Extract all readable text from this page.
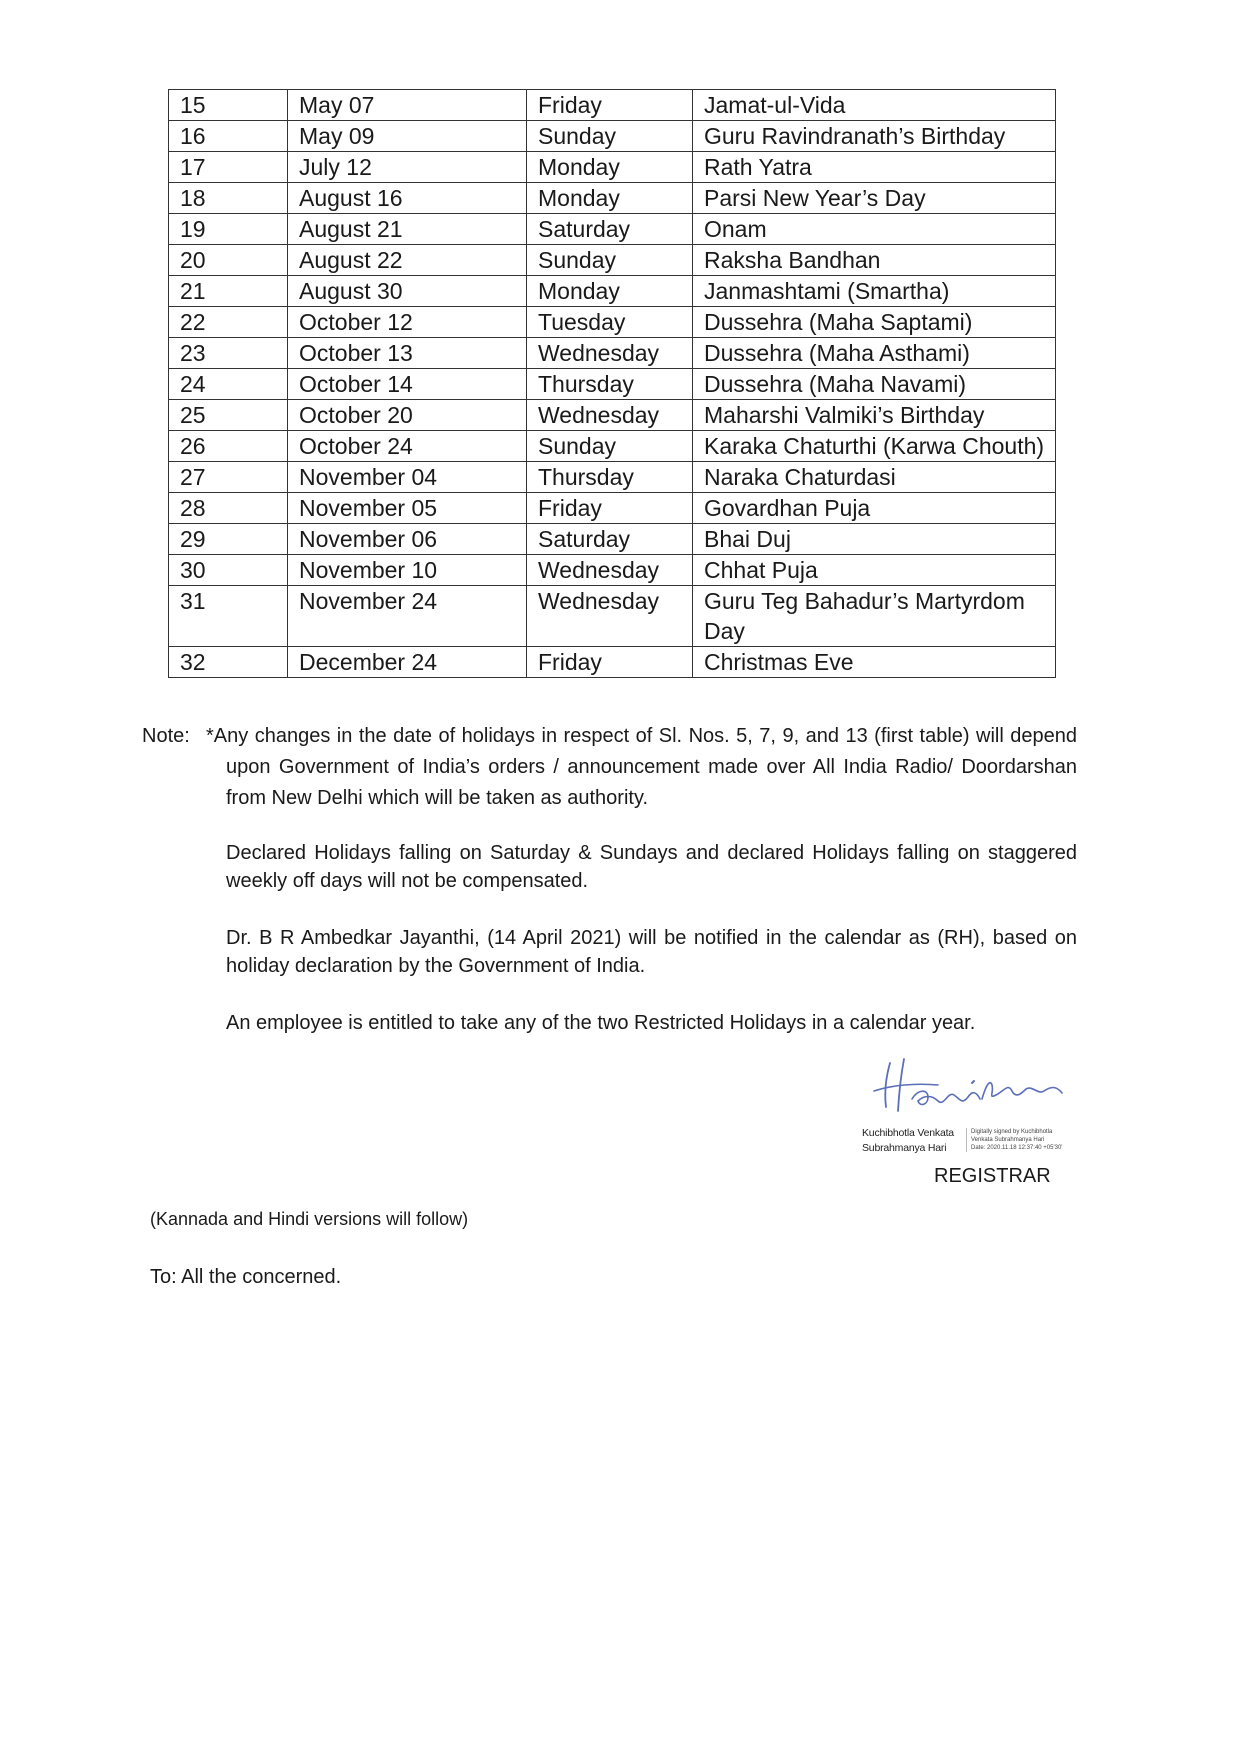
15	May 07	Friday	Jamat-ul-Vida
16	May 09	Sunday	Guru Ravindranath’s Birthday
17	July 12	Monday	Rath Yatra
18	August 16	Monday	Parsi New Year’s Day
19	August 21	Saturday	Onam
20	August 22	Sunday	Raksha Bandhan
21	August 30	Monday	Janmashtami (Smartha)
22	October 12	Tuesday	Dussehra (Maha Saptami)
23	October 13	Wednesday	Dussehra (Maha Asthami)
24	October 14	Thursday	Dussehra (Maha Navami)
25	October 20	Wednesday	Maharshi Valmiki’s Birthday
26	October 24	Sunday	Karaka Chaturthi (Karwa Chouth)
27	November 04	Thursday	Naraka Chaturdasi
28	November 05	Friday	Govardhan Puja
29	November 06	Saturday	Bhai Duj
30	November 10	Wednesday	Chhat Puja
31	November 24	Wednesday	Guru Teg Bahadur’s Martyrdom Day
32	December 24	Friday	Christmas Eve
Note: *Any changes in the date of holidays in respect of Sl. Nos. 5, 7, 9, and 13 (first table) will depend upon Government of India’s orders / announcement made over All India Radio/ Doordarshan from New Delhi which will be taken as authority.
Declared Holidays falling on Saturday & Sundays and declared Holidays falling on staggered weekly off days will not be compensated.
Dr. B R Ambedkar Jayanthi, (14 April 2021) will be notified in the calendar as (RH), based on holiday declaration by the Government of India.
An employee is entitled to take any of the two Restricted Holidays in a calendar year.
Kuchibhotla Venkata
Subrahmanya Hari
Digitally signed by Kuchibhotla
Venkata Subrahmanya Hari
Date: 2020.11.18 12:37:40 +05'30'
REGISTRAR
(Kannada and Hindi versions will follow)
To: All the concerned.
